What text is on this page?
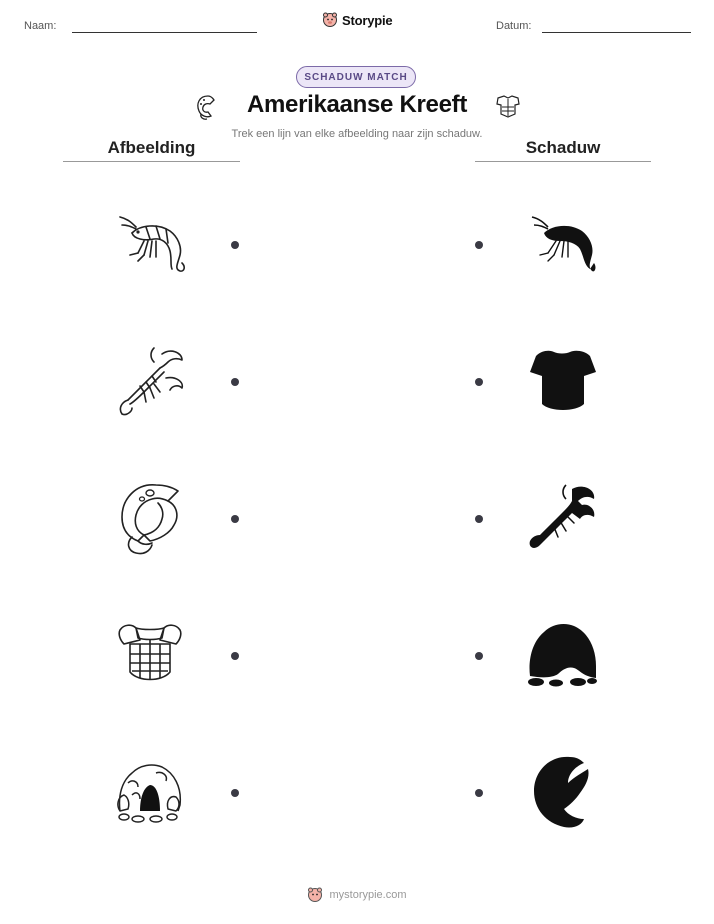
Naam:	Storypie	Datum:
SCHADUW MATCH
Amerikaanse Kreeft
Trek een lijn van elke afbeelding naar zijn schaduw.
Afbeelding	Schaduw
mystorypie.com
